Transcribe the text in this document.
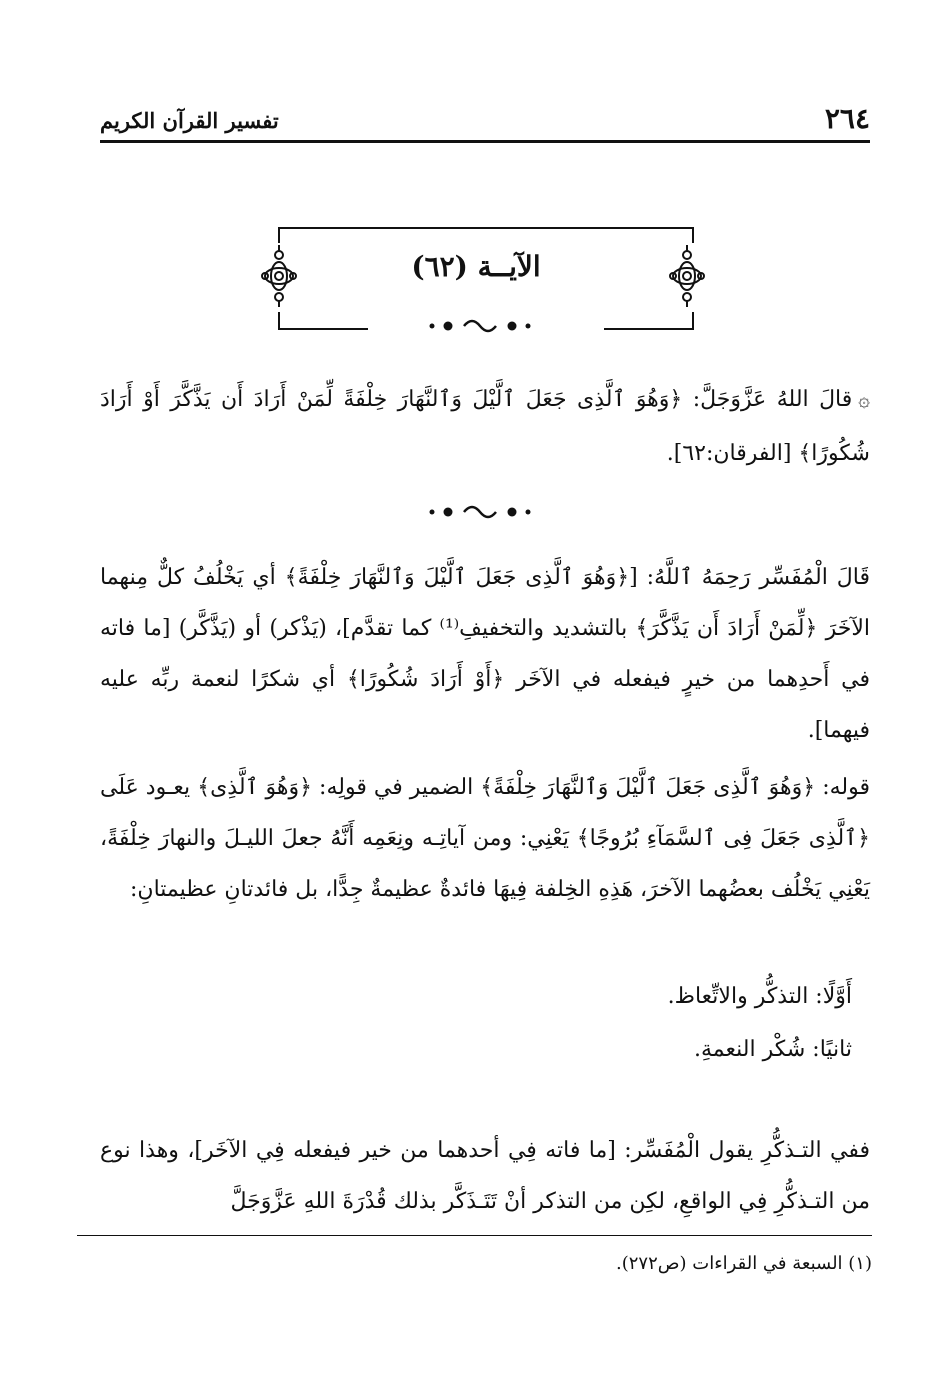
٢٦٤
تفسير القرآن الكريم
الآيــة (٦٢)

۞قالَ اللهُ عَزَّوَجَلَّ: ﴿وَهُوَ ٱلَّذِى جَعَلَ ٱلَّيْلَ وَٱلنَّهَارَ خِلْفَةً لِّمَنْ أَرَادَ أَن يَذَّكَّرَ أَوْ أَرَادَ شُكُورًا﴾ [الفرقان:٦٢].

قَالَ الْمُفَسِّر رَحِمَهُ ٱللَّهُ: [﴿وَهُوَ ٱلَّذِى جَعَلَ ٱلَّيْلَ وَٱلنَّهَارَ خِلْفَةً﴾ أي يَخْلُفُ كلٌّ مِنهما الآخَرَ ﴿لِّمَنْ أَرَادَ أَن يَذَّكَّرَ﴾ بالتشديد والتخفيفِ⁽¹⁾ كما تقدَّم]، (يَذْكر) أو (يَذَّكَّر) [ما فاته في أَحدِهما من خيرٍ فيفعله في الآخَر ﴿أَوْ أَرَادَ شُكُورًا﴾ أي شكرًا لنعمة ربِّه عليه فيهما].

قوله: ﴿وَهُوَ ٱلَّذِى جَعَلَ ٱلَّيْلَ وَٱلنَّهَارَ خِلْفَةً﴾ الضمير في قولِه: ﴿وَهُوَ ٱلَّذِى﴾ يعـود عَلَى ﴿ٱلَّذِى جَعَلَ فِى ٱلسَّمَآءِ بُرُوجًا﴾ يَعْنِي: ومن آياتِـه ونِعَمِه أَنَّهُ جعلَ الليـلَ والنهارَ خِلْفَةً، يَعْنِي يَخْلُف بعضُهما الآخرَ، هَذِهِ الخِلفة فِيهَا فائدةٌ عظيمةٌ جِدًّا، بل فائدتانِ عظيمتانِ:

أَوَّلًا: التذكُّر والاتِّعاظ.

ثانيًا: شُكْر النعمةِ.

ففي التـذكُّرِ يقول الْمُفَسِّر: [ما فاته فِي أحدهما من خير فيفعله فِي الآخَر]، وهذا نوع من التـذكُّرِ فِي الواقعِ، لكِن من التذكر أنْ تَتَـذَكَّر بذلك قُدْرَةَ اللهِ عَزَّوَجَلَّ

(١) السبعة في القراءات (ص٢٧٢).
